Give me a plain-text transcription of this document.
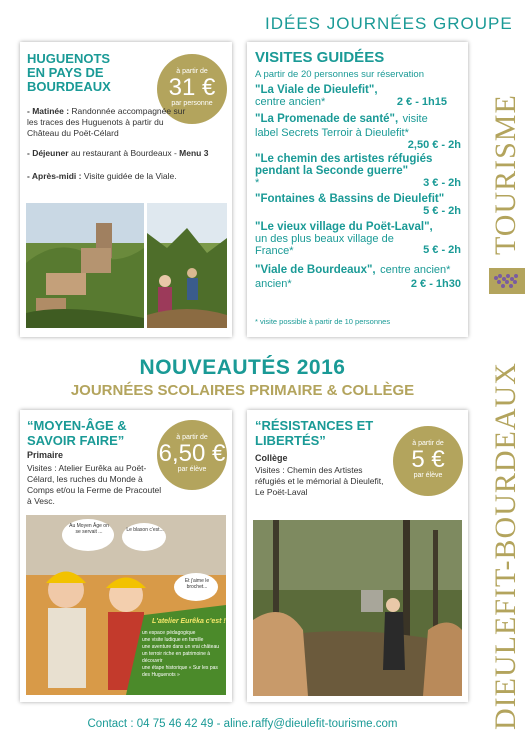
IDÉES JOURNÉES GROUPE
TOURISME
DIEULEFIT-BOURDEAUX
HUGUENOTS
EN PAYS DE
BOURDEAUX
à partir de
31 €
par personne
- Matinée : Randonnée accompagnée sur les traces des Huguenots à partir du Château du Poët-Célard
- Déjeuner au restaurant à Bourdeaux - Menu 3
- Après-midi : Visite guidée de la Viale.
VISITES GUIDÉES
A partir de 20 personnes sur réservation
"La Viale de Dieulefit",
centre ancien*	2 € - 1h15
"La Promenade de santé", visite
label Secrets Terroir à Dieulefit*
2,50 € - 2h
"Le chemin des artistes réfugiés pendant la Seconde guerre"
*	3 € - 2h
"Fontaines & Bassins de Dieulefit"
5 € - 2h
"Le vieux village du Poët-Laval",
un des plus beaux village de France*	5 € - 2h
"Viale de Bourdeaux", centre ancien*
ancien*	2 € - 1h30
* visite possible à partir de 10 personnes
NOUVEAUTÉS 2016
JOURNÉES SCOLAIRES PRIMAIRE & COLLÈGE
“MOYEN-ÂGE &
SAVOIR FAIRE”
Primaire
Visites : Atelier Eurêka au Poët-Célard, les ruches du Monde à Comps et/ou la Ferme de Pracoutel à Vesc.
à partir de
6,50 €
par élève
L'atelier Eurêka c'est !
un espace pédagogique
une visite ludique en famille
une aventure dans un vrai château
un terroir riche en patrimoine à découvrir
une étape historique « Sur les pas des Huguenots »
Au Moyen Âge on se servait ...	Le blason c'est...
Et j'aime le brochet...
“RÉSISTANCES ET
LIBERTÉS”
Collège
Visites : Chemin des Artistes réfugiés et le mémorial à Dieulefit, Le Poët-Laval
à partir de
5 €
par élève
Contact : 04 75 46 42 49 - aline.raffy@dieulefit-tourisme.com
